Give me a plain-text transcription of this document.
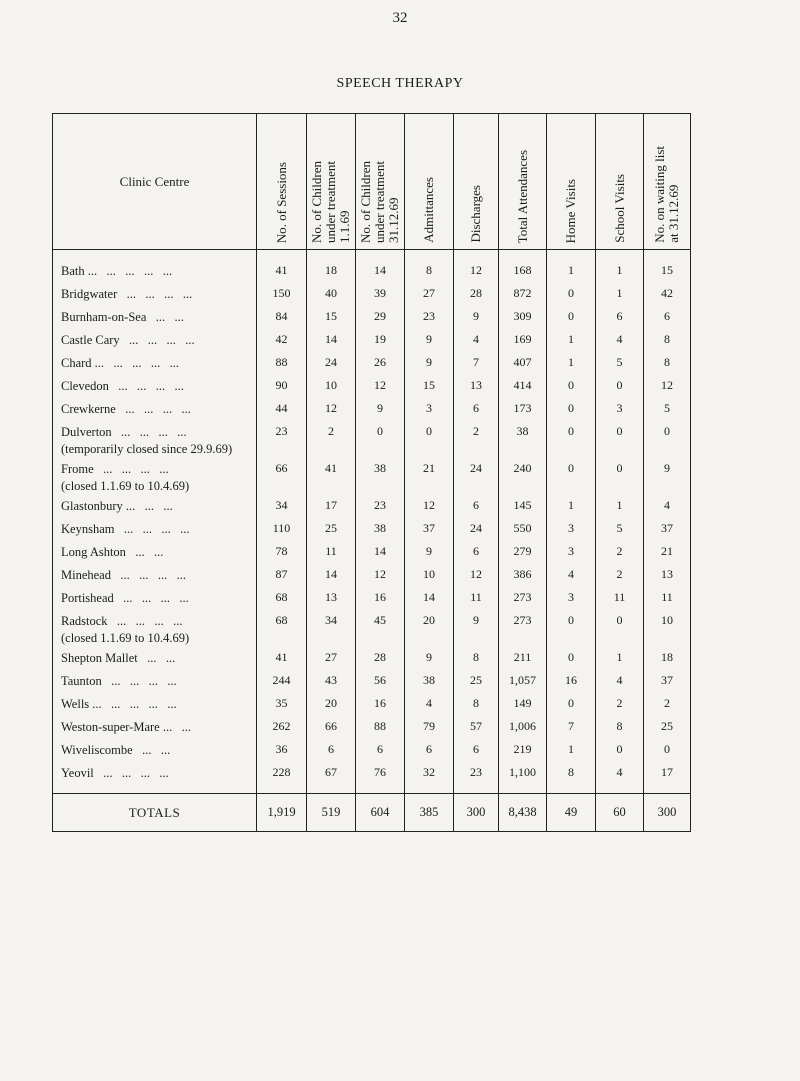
32
SPEECH THERAPY
Clinic Centre	No. of Sessions	No. of Children
under treatment
1.1.69	No. of Children
under treatment
31.12.69	Admittances	Discharges	Total Attendances	Home Visits	School Visits	No. on waiting list
at 31.12.69

Bath ...   ...   ...   ...   ...	41	18	14	8	12	168	1	1	15
Bridgwater   ...   ...   ...   ...	150	40	39	27	28	872	0	1	42
Burnham-on-Sea   ...   ...	84	15	29	23	9	309	0	6	6
Castle Cary   ...   ...   ...   ...	42	14	19	9	4	169	1	4	8
Chard ...   ...   ...   ...   ...	88	24	26	9	7	407	1	5	8
Clevedon   ...   ...   ...   ...	90	10	12	15	13	414	0	0	12
Crewkerne   ...   ...   ...   ...	44	12	9	3	6	173	0	3	5
Dulverton   ...   ...   ...   ...
(temporarily closed since 29.9.69)	23	2	0	0	2	38	0	0	0
Frome   ...   ...   ...   ...
(closed 1.1.69 to 10.4.69)	66	41	38	21	24	240	0	0	9
Glastonbury ...   ...   ...	34	17	23	12	6	145	1	1	4
Keynsham   ...   ...   ...   ...	110	25	38	37	24	550	3	5	37
Long Ashton   ...   ...	78	11	14	9	6	279	3	2	21
Minehead   ...   ...   ...   ...	87	14	12	10	12	386	4	2	13
Portishead   ...   ...   ...   ...	68	13	16	14	11	273	3	11	11
Radstock   ...   ...   ...   ...
(closed 1.1.69 to 10.4.69)	68	34	45	20	9	273	0	0	10
Shepton Mallet   ...   ...	41	27	28	9	8	211	0	1	18
Taunton   ...   ...   ...   ...	244	43	56	38	25	1,057	16	4	37
Wells ...   ...   ...   ...   ...	35	20	16	4	8	149	0	2	2
Weston-super-Mare ...   ...	262	66	88	79	57	1,006	7	8	25
Wiveliscombe   ...   ...	36	6	6	6	6	219	1	0	0
Yeovil   ...   ...   ...   ...	228	67	76	32	23	1,100	8	4	17
TOTALS	1,919	519	604	385	300	8,438	49	60	300
